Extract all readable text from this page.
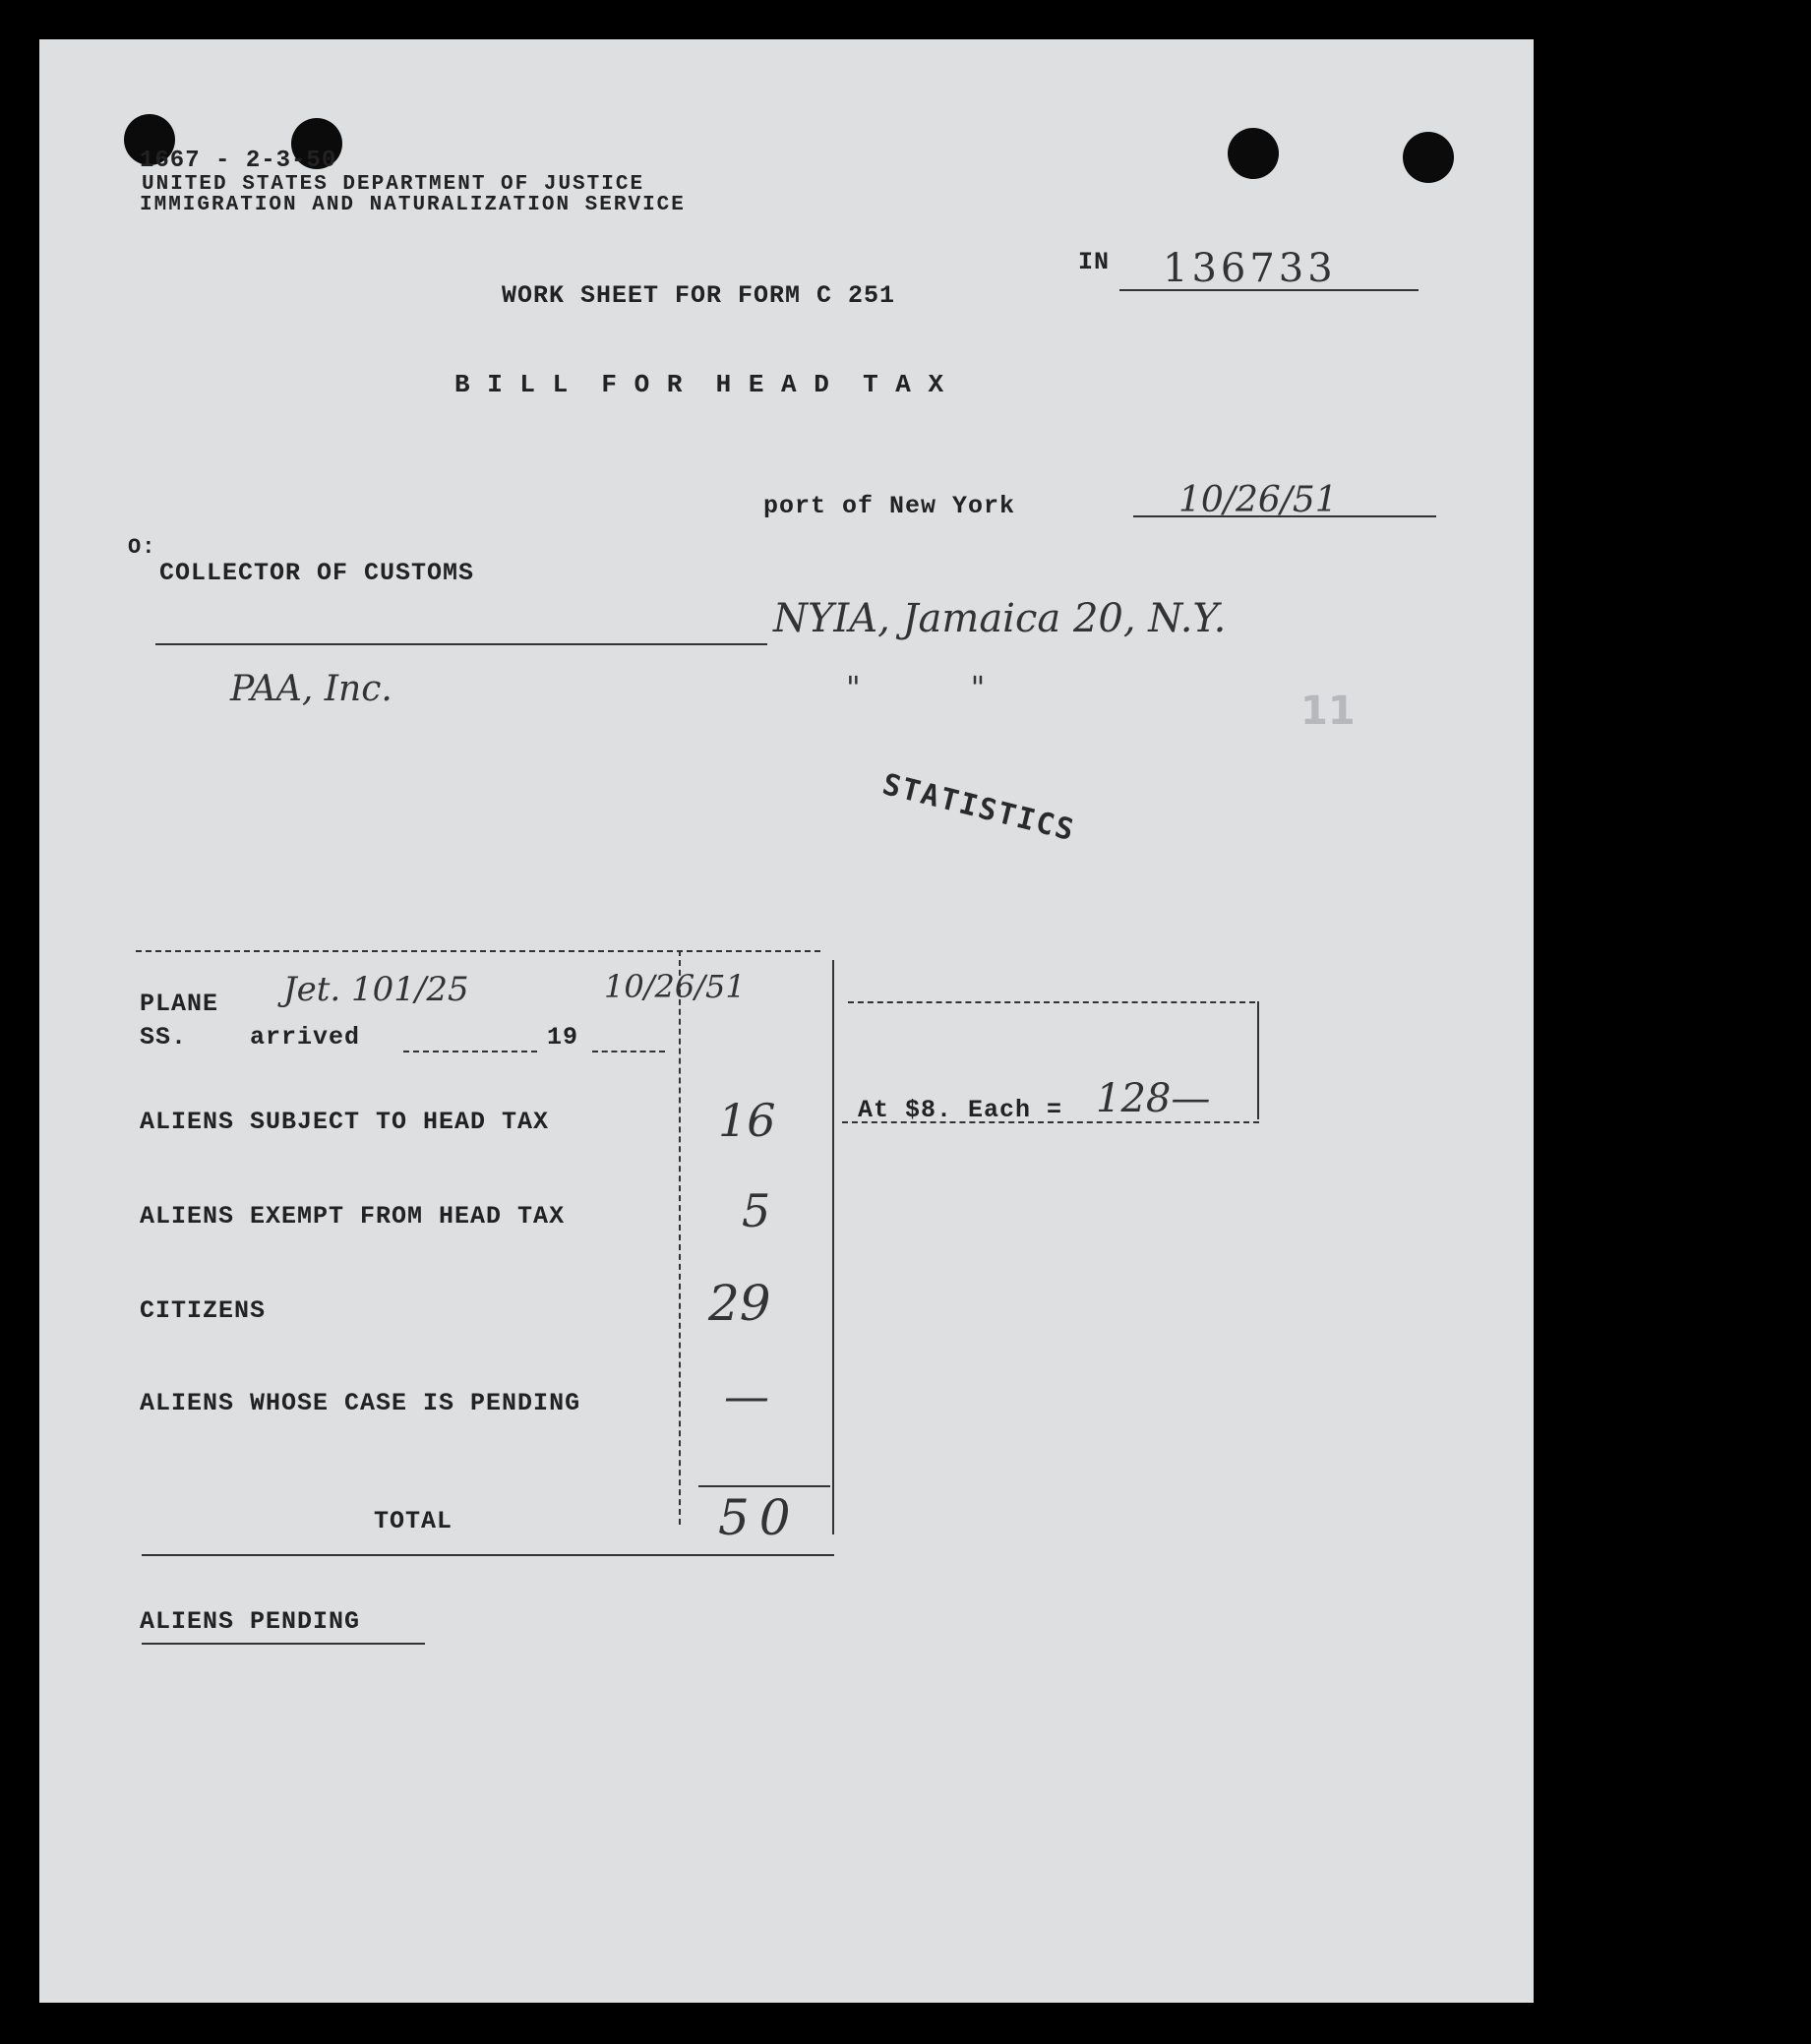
1667 - 2-3-50
UNITED STATES DEPARTMENT OF JUSTICE
IMMIGRATION AND NATURALIZATION SERVICE
IN 136733
WORK SHEET FOR FORM C 251
B I L L  F O R  H E A D  T A X
port of New York	10/26/51
O:
COLLECTOR OF CUSTOMS
NYIA, Jamaica 20, N.Y.
PAA, Inc.	"           "
11
STATISTICS
PLANE
SS.	arrived	19
Jet. 101/25	10/26/51
ALIENS SUBJECT TO HEAD TAX	16
ALIENS EXEMPT FROM HEAD TAX	5
CITIZENS	29
ALIENS WHOSE CASE IS PENDING	—
TOTAL	50
At $8. Each = 128—
ALIENS PENDING
